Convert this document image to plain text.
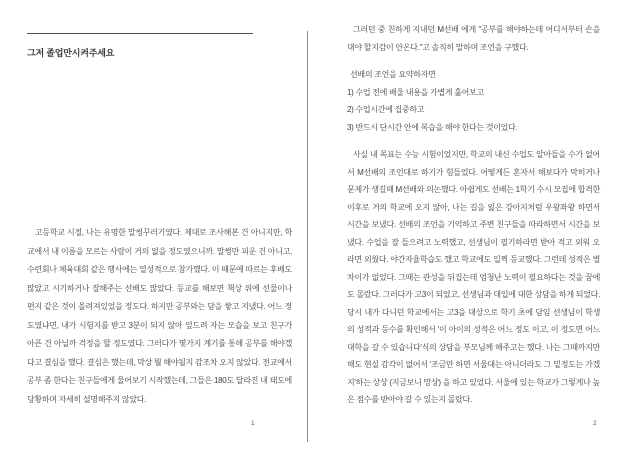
그저 졸업만시켜주세요
고등학교 시절, 나는 유명한 말썽꾸러기였다. 제대로 조사해본 건 아니지만, 학교에서 내 이름을 모르는 사람이 거의 없을 정도였으니까. 말썽만 피운 건 아니고, 수련회나 체육대회 같은 행사에는 열성적으로 참가했다. 이 때문에 따르는 후배도 많았고 시기하거나 잘해주는 선배도 많았다. 등교를 해보면 책상 위에 선물이나 편지 같은 것이 올려져있었을 정도다. 하지만 공부와는 담을 쌓고 지냈다. 어느 정도였냐면, 내가 시험지를 받고 3분이 되지 않아 엎드려 자는 모습을 보고 친구가 아픈 건 아닐까 걱정을 할 정도였다. 그러다가 몇가지 계기를 통해 공부를 해야겠다고 결심을 했다. 결심은 했는데, 막상 뭘 해야될지 감조차 오지 않았다. 전교에서 공부 좀 한다는 친구들에게 물어보기 시작했는데, 그들은 180도 달라진 내 태도에 당황하며 자세히 설명해주지 않았다.
1

그러던 중 친하게 지내던 M선배 에게 "공부를 해야하는데 어디서부터 손을 대야 할지감이 안온다."고 솔직히 말하며 조언을 구했다.

선배의 조언을 요약하자면

1) 수업 전에 배울 내용을 가볍게 훑어보고

2) 수업시간에 집중하고

3) 반드시 단시간 안에 복습을 해야 한다는 것이었다.

사실 내 목표는 수능 시험이었지만, 학교의 내신 수업도 알아들을 수가 없어서 M선배의 조언대로 하기가 힘들었다. 어떻게든 혼자서 해보다가 막히거나 문제가 생길때 M선배와 의논했다. 아쉽게도 선배는 1학기 수시 모집에 합격한 이후로 거의 학교에 오지 않아, 나는 길을 잃은 강아지처럼 우왕좌왕 하면서 시간을 보냈다. 선배의 조언을 기억하고 주변 친구들을 따라하면서 시간을 보냈다. 수업을 잘 들으려고 노력했고, 선생님이 필기하라면 받아 적고 외워 오라면 외웠다. 야간자율학습도 했고 학교에도 일찍 등교했다. 그런데 성적은 별 차이가 없었다. 그때는 관성을 뒤집는데 엄청난 노력이 필요하다는 것을 꿈에도 몰랐다. 그러다가 고3이 되었고, 선생님과 대입에 대한 상담을 하게 되었다. 당시 내가 다니던 학교에서는 고3을 대상으로 학기 초에 담임 선생님이 학생의 성적과 등수를 확인해서 '이 아이의 성적은 어느 정도 이고, 이 정도면 어느 대학을 갈 수 있습니다'식의 상담을 부모님께 해주고는 했다. 나는 그때까지만 해도 현실 감각이 없어서 '조금만 하면 서울대는 아니더라도 그 밑정도는 가겠지'하는 상상 (지금보니 망상) 을 하고 있었다. 서울에 있는 학교가 그렇게나 높은 점수를 받아야 갈 수 있는지 몰랐다.

2
